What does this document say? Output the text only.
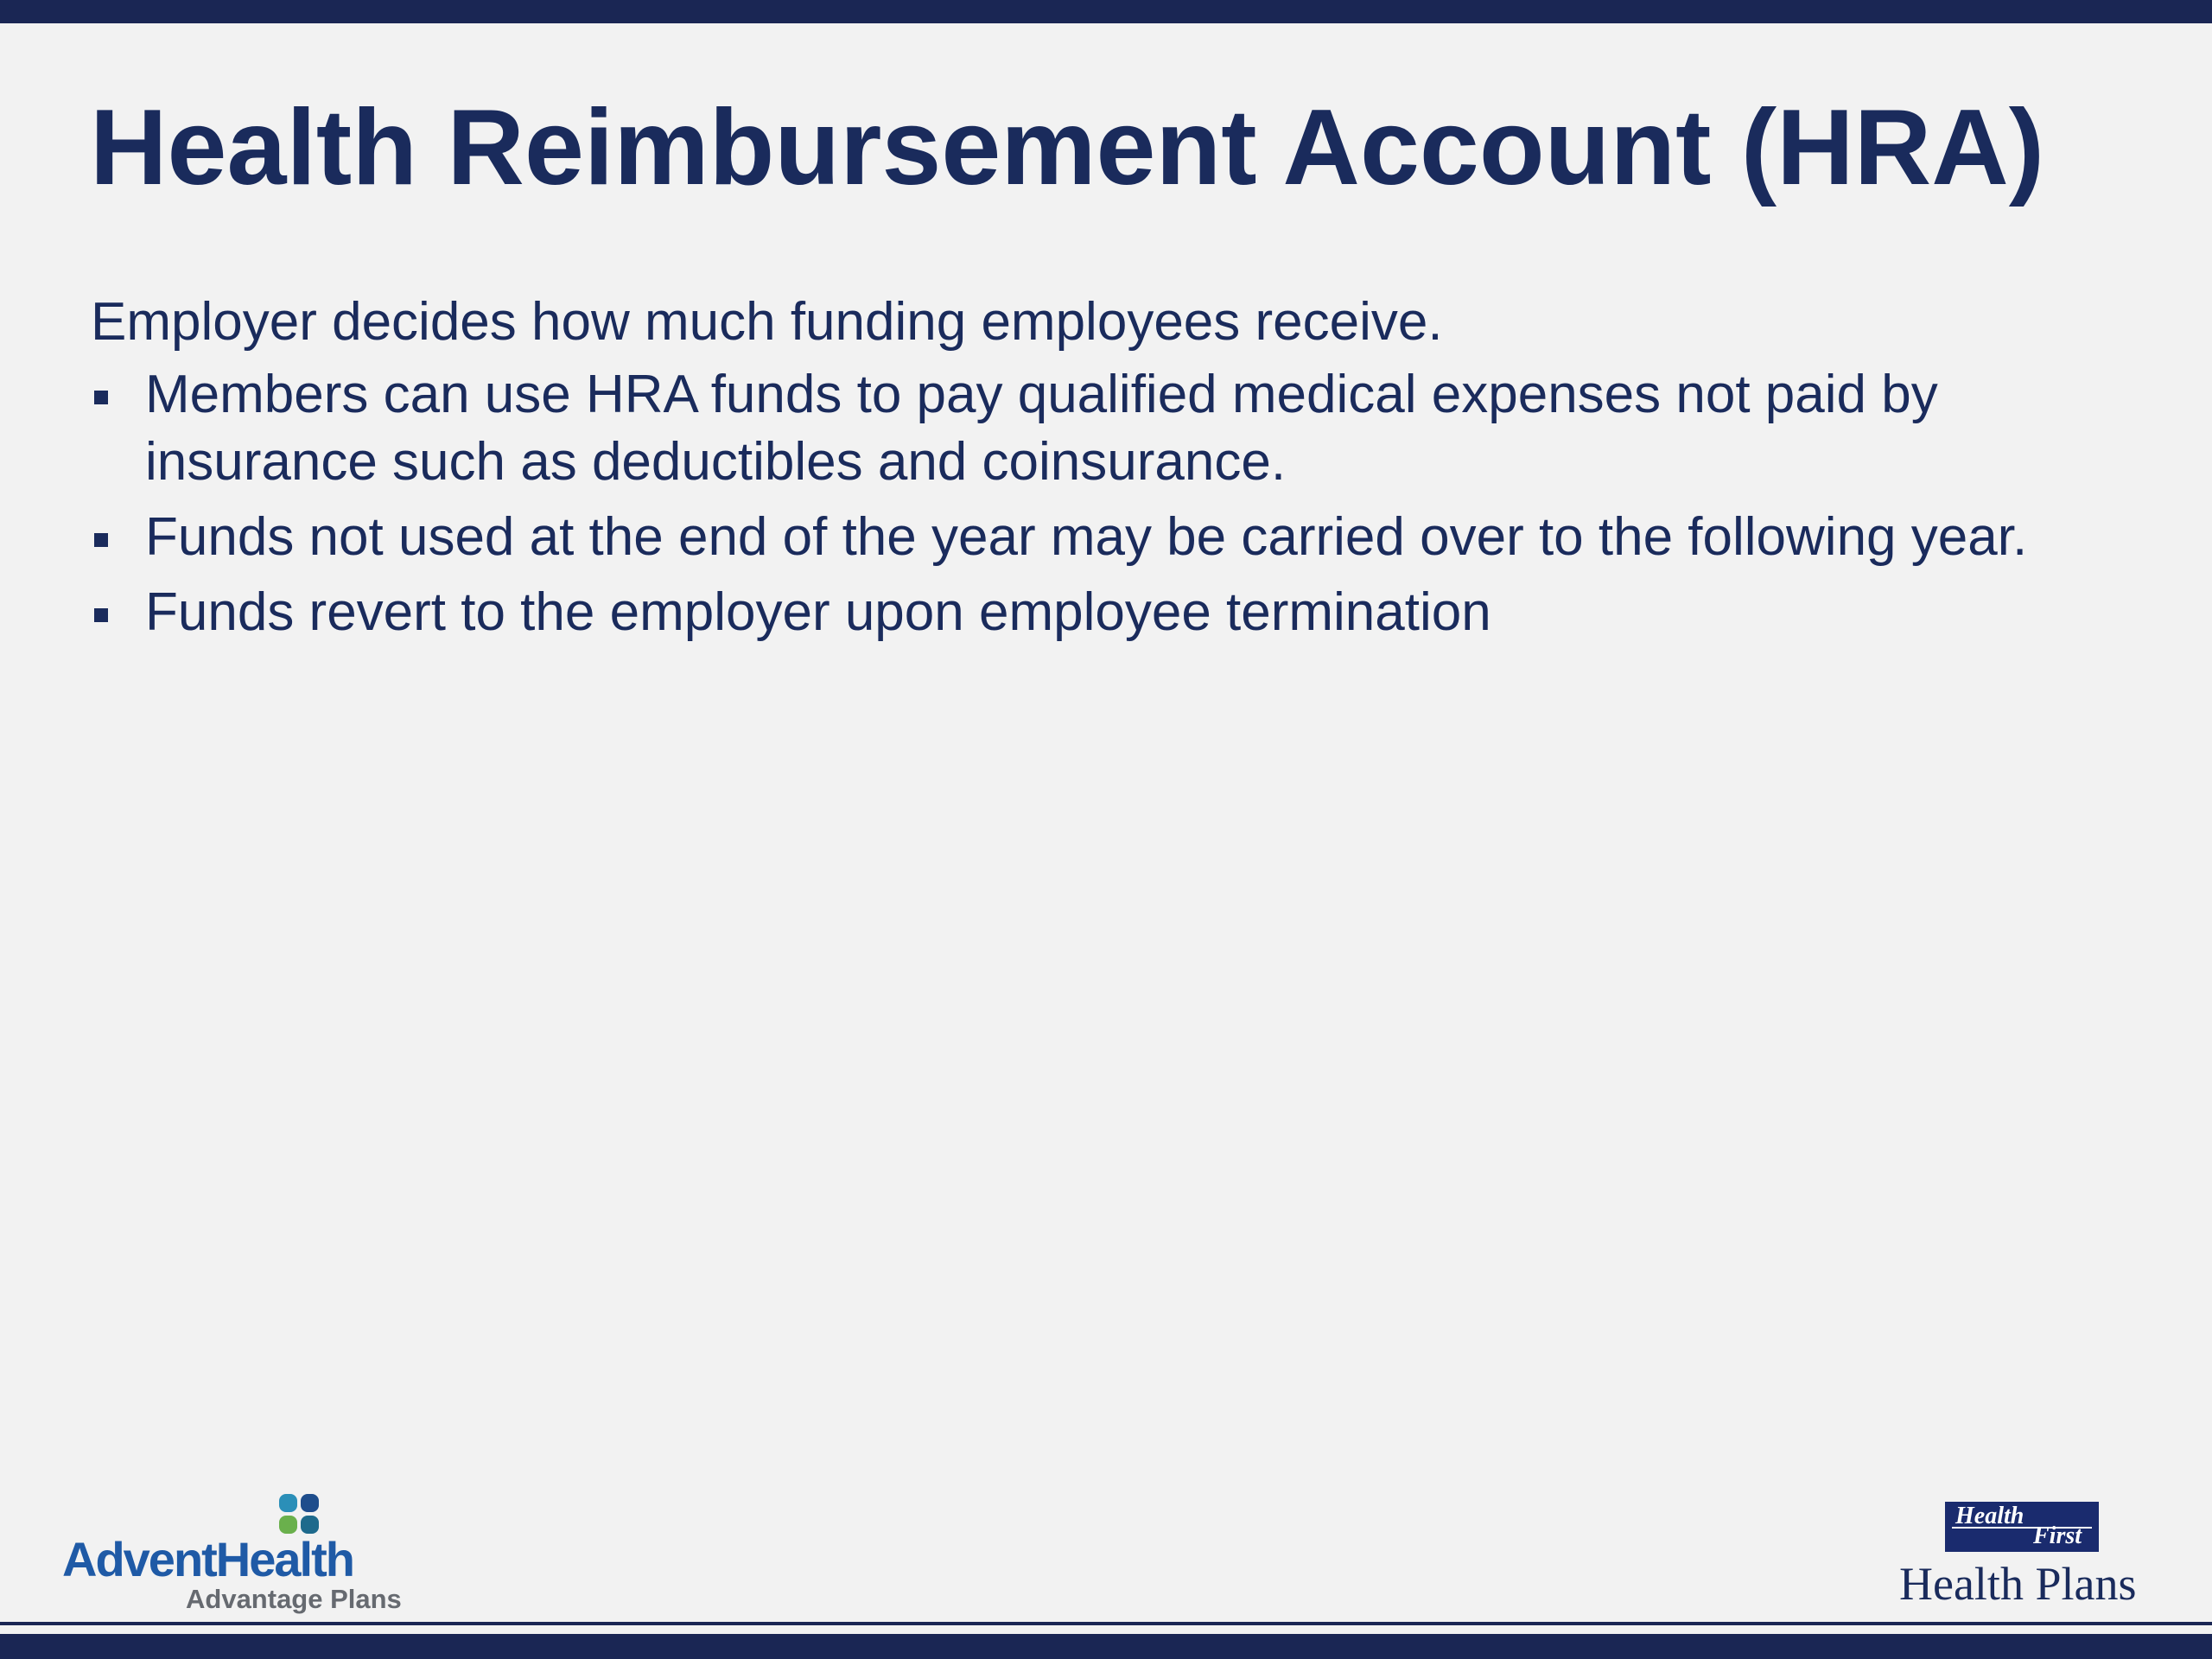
Health Reimbursement Account (HRA)

Employer decides how much funding employees receive.

Members can use HRA funds to pay qualified medical expenses not paid by insurance such as deductibles and coinsurance.
Funds not used at the end of the year may be carried over to the following year.
Funds revert to the employer upon employee termination
AdventHealth
Advantage Plans
Health
First
Health Plans
